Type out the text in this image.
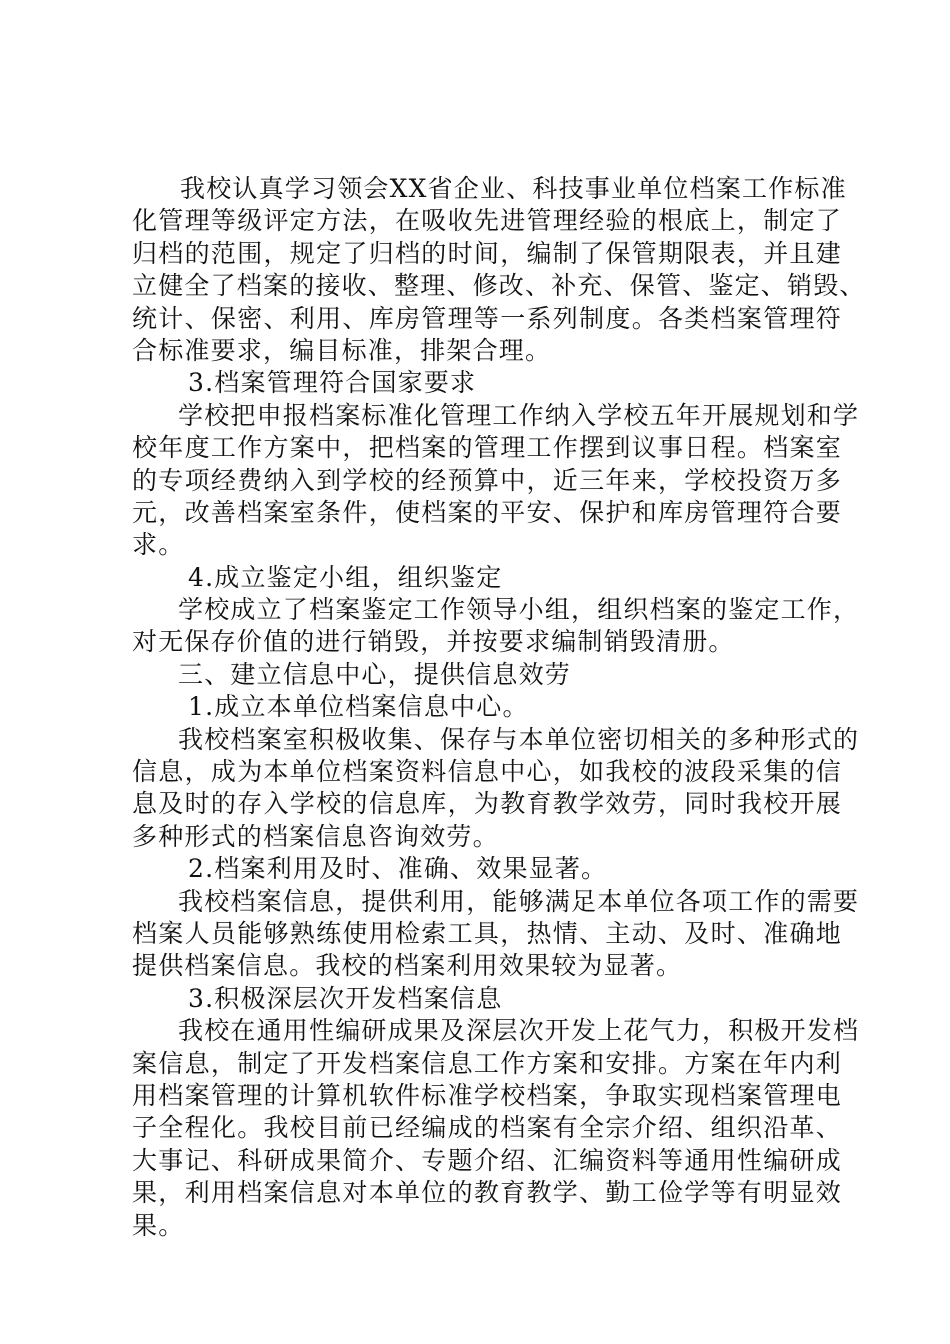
我校认真学习领会XX省企业、科技事业单位档案工作标准
化管理等级评定方法，在吸收先进管理经验的根底上，制定了
归档的范围，规定了归档的时间，编制了保管期限表，并且建
立健全了档案的接收、整理、修改、补充、保管、鉴定、销毁、
统计、保密、利用、库房管理等一系列制度。各类档案管理符
合标准要求，编目标准，排架合理。
3.档案管理符合国家要求
学校把申报档案标准化管理工作纳入学校五年开展规划和学
校年度工作方案中，把档案的管理工作摆到议事日程。档案室
的专项经费纳入到学校的经预算中，近三年来，学校投资万多
元，改善档案室条件，使档案的平安、保护和库房管理符合要
求。
4.成立鉴定小组，组织鉴定
学校成立了档案鉴定工作领导小组，组织档案的鉴定工作，
对无保存价值的进行销毁，并按要求编制销毁清册。
三、建立信息中心，提供信息效劳
1.成立本单位档案信息中心。
我校档案室积极收集、保存与本单位密切相关的多种形式的
信息，成为本单位档案资料信息中心，如我校的波段采集的信
息及时的存入学校的信息库，为教育教学效劳，同时我校开展
多种形式的档案信息咨询效劳。
2.档案利用及时、准确、效果显著。
我校档案信息，提供利用，能够满足本单位各项工作的需要
档案人员能够熟练使用检索工具，热情、主动、及时、准确地
提供档案信息。我校的档案利用效果较为显著。
3.积极深层次开发档案信息
我校在通用性编研成果及深层次开发上花气力，积极开发档
案信息，制定了开发档案信息工作方案和安排。方案在年内利
用档案管理的计算机软件标准学校档案，争取实现档案管理电
子全程化。我校目前已经编成的档案有全宗介绍、组织沿革、
大事记、科研成果简介、专题介绍、汇编资料等通用性编研成
果，利用档案信息对本单位的教育教学、勤工俭学等有明显效
果。
